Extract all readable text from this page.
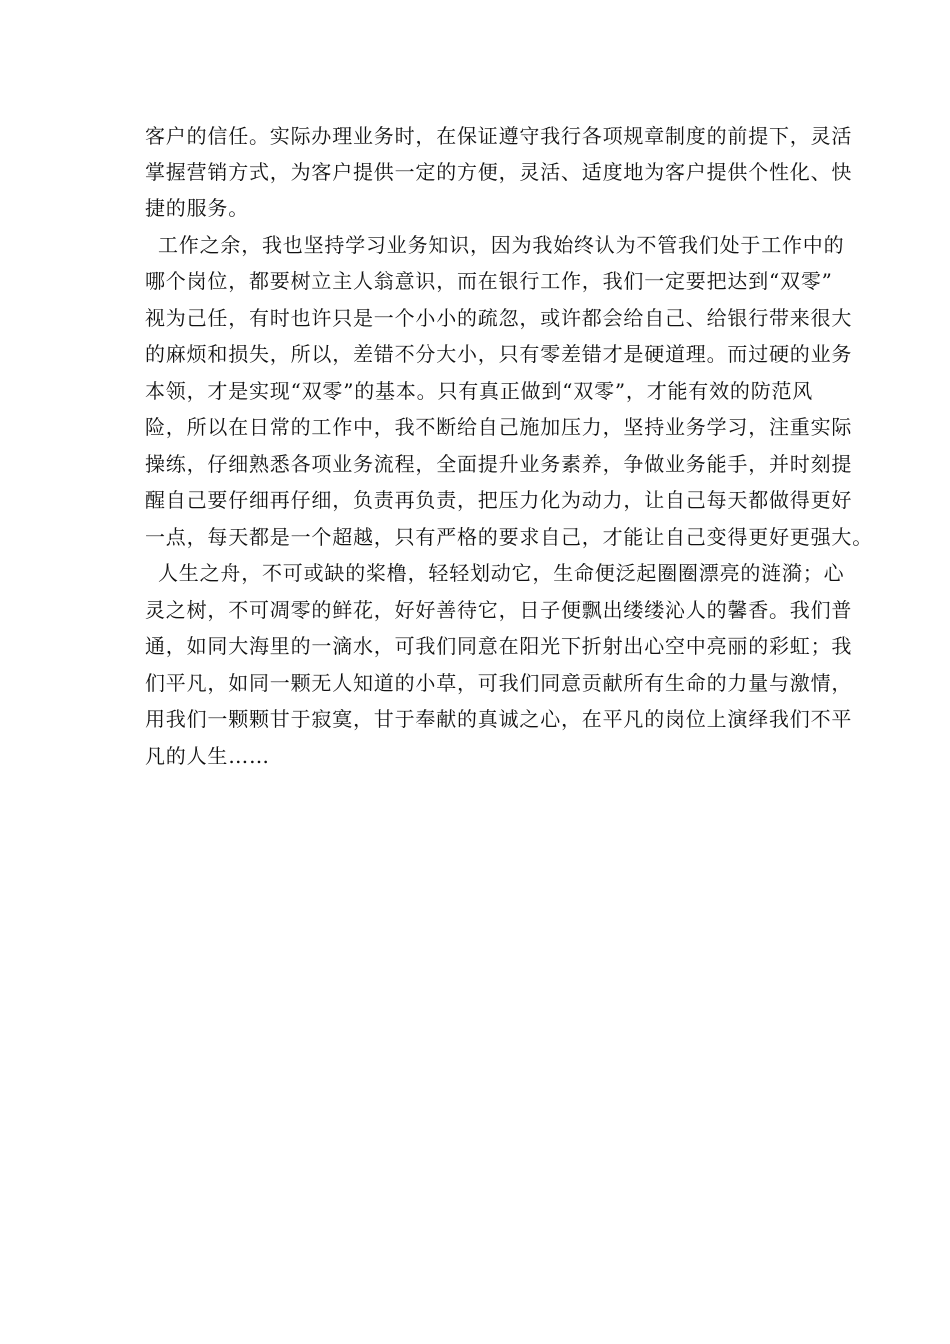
客户的信任。实际办理业务时，在保证遵守我行各项规章制度的前提下，灵活
掌握营销方式，为客户提供一定的方便，灵活、适度地为客户提供个性化、快
捷的服务。
工作之余，我也坚持学习业务知识，因为我始终认为不管我们处于工作中的
哪个岗位，都要树立主人翁意识，而在银行工作，我们一定要把达到“双零”
视为己任，有时也许只是一个小小的疏忽，或许都会给自己、给银行带来很大
的麻烦和损失，所以，差错不分大小，只有零差错才是硬道理。而过硬的业务
本领，才是实现“双零”的基本。只有真正做到“双零”，才能有效的防范风
险，所以在日常的工作中，我不断给自己施加压力，坚持业务学习，注重实际
操练，仔细熟悉各项业务流程，全面提升业务素养，争做业务能手，并时刻提
醒自己要仔细再仔细，负责再负责，把压力化为动力，让自己每天都做得更好
一点，每天都是一个超越，只有严格的要求自己，才能让自己变得更好更强大。
人生之舟，不可或缺的桨橹，轻轻划动它，生命便泛起圈圈漂亮的涟漪；心
灵之树，不可凋零的鲜花，好好善待它，日子便飘出缕缕沁人的馨香。我们普
通，如同大海里的一滴水，可我们同意在阳光下折射出心空中亮丽的彩虹；我
们平凡，如同一颗无人知道的小草，可我们同意贡献所有生命的力量与激情，
用我们一颗颗甘于寂寞，甘于奉献的真诚之心，在平凡的岗位上演绎我们不平
凡的人生……
